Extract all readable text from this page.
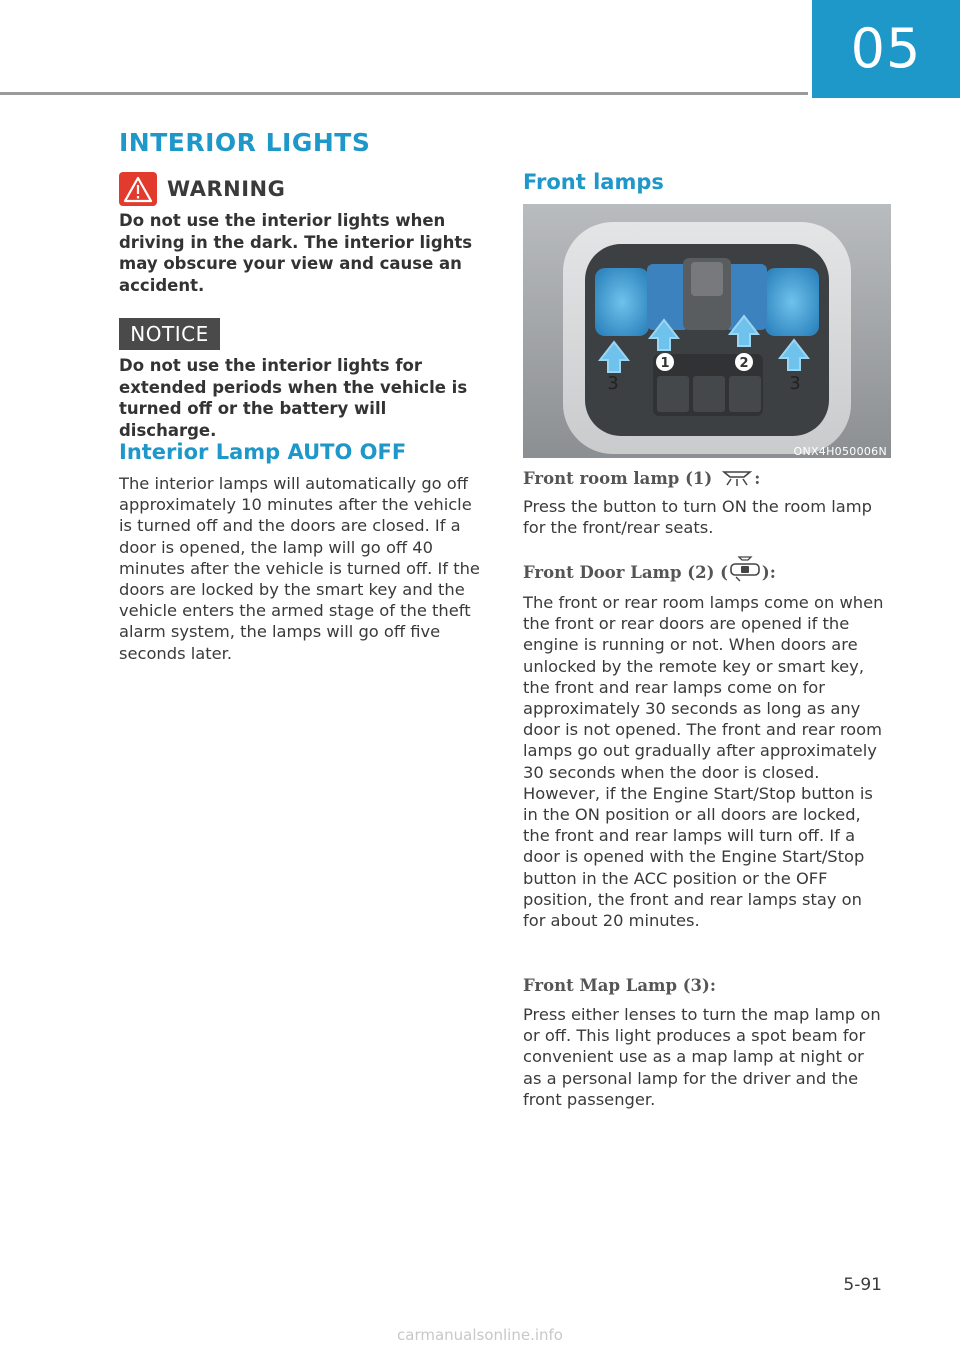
05
INTERIOR LIGHTS
WARNING

Do not use the interior lights when driving in the dark. The interior lights may obscure your view and cause an accident.

NOTICE

Do not use the interior lights for extended periods when the vehicle is turned off or the battery will discharge.

Interior Lamp AUTO OFF

The interior lamps will automatically go off approximately 10 minutes after the vehicle is turned off and the doors are closed. If a door is opened, the lamp will go off 40 minutes after the vehicle is turned off. If the doors are locked by the smart key and the vehicle enters the armed stage of the theft alarm system, the lamps will go off five seconds later.

Front lamps
1	2
3	3
ONX4H050006N
Front room lamp (1)	:

Press the button to turn ON the room lamp for the front/rear seats.

Front Door Lamp (2) ( ):

The front or rear room lamps come on when the front or rear doors are opened if the engine is running or not. When doors are unlocked by the remote key or smart key, the front and rear lamps come on for approximately 30 seconds as long as any door is not opened. The front and rear room lamps go out gradually after approximately 30 seconds when the door is closed. However, if the Engine Start/Stop button is in the ON position or all doors are locked, the front and rear lamps will turn off. If a door is opened with the Engine Start/Stop button in the ACC position or the OFF position, the front and rear lamps stay on for about 20 minutes.

Front Map Lamp (3):

Press either lenses to turn the map lamp on or off. This light produces a spot beam for convenient use as a map lamp at night or as a personal lamp for the driver and the front passenger.

5-91
carmanualsonline.info
